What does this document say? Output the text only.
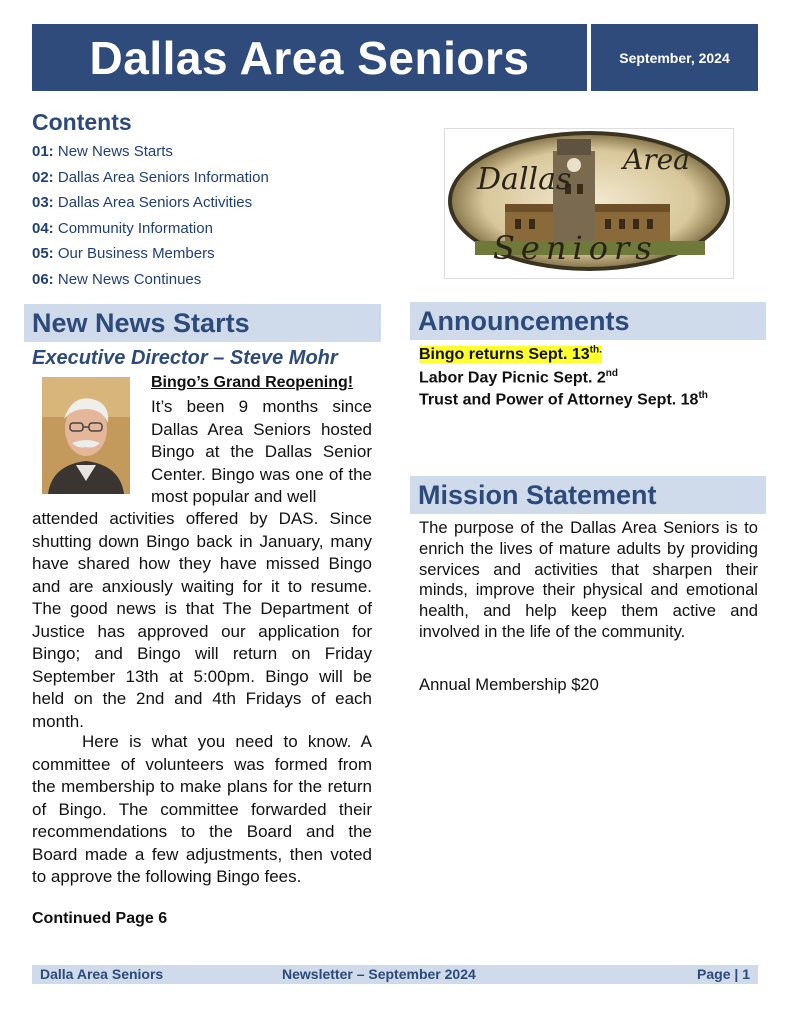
Dallas Area Seniors	September, 2024
Contents
01: New News Starts
02: Dallas Area Seniors Information
03: Dallas Area Seniors Activities
04: Community Information
05: Our Business Members
06: New News Continues
Dallas
Area
Seniors
New News Starts
Executive Director – Steve Mohr
Bingo’s Grand Reopening!
It’s been 9 months since Dallas Area Seniors hosted Bingo at the Dallas Senior Center. Bingo was one of the most popular and well
attended activities offered by DAS. Since shutting down Bingo back in January, many have shared how they have missed Bingo and are anxiously waiting for it to resume. The good news is that The Department of Justice has approved our application for Bingo; and Bingo will return on Friday September 13th at 5:00pm. Bingo will be held on the 2nd and 4th Fridays of each month.
Here is what you need to know. A committee of volunteers was formed from the membership to make plans for the return of Bingo. The committee forwarded their recommendations to the Board and the Board made a few adjustments, then voted to approve the following Bingo fees.
Continued Page 6
Announcements
Bingo returns Sept. $13^{th.}$
Labor Day Picnic Sept. 2nd
Trust and Power of Attorney Sept. 18th
Mission Statement
The purpose of the Dallas Area Seniors is to enrich the lives of mature adults by providing services and activities that sharpen their minds, improve their physical and emotional health, and help keep them active and involved in the life of the community.
Annual Membership $20
Dalla Area Seniors	Newsletter – September 2024	Page | 1
